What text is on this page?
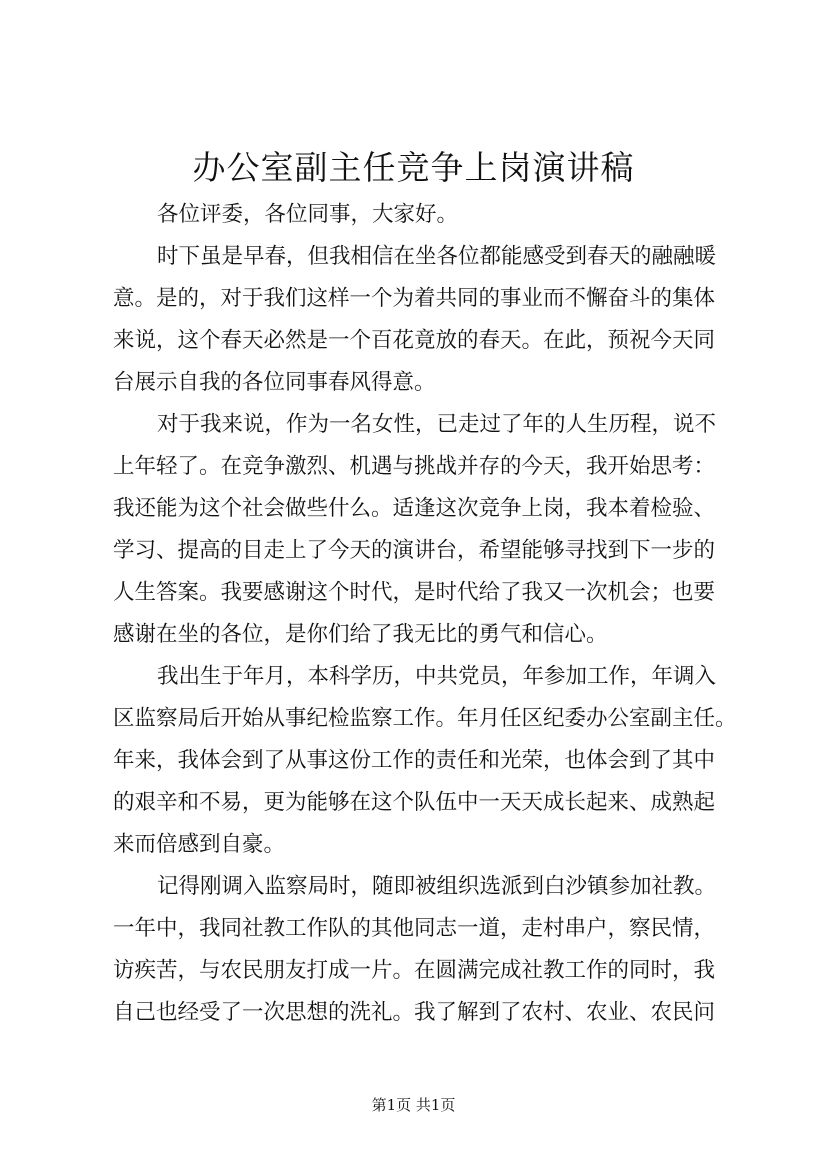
办公室副主任竞争上岗演讲稿
各位评委，各位同事，大家好。
时下虽是早春，但我相信在坐各位都能感受到春天的融融暖
意。是的，对于我们这样一个为着共同的事业而不懈奋斗的集体
来说，这个春天必然是一个百花竟放的春天。在此，预祝今天同
台展示自我的各位同事春风得意。
对于我来说，作为一名女性，已走过了年的人生历程，说不
上年轻了。在竞争激烈、机遇与挑战并存的今天，我开始思考：
我还能为这个社会做些什么。适逢这次竞争上岗，我本着检验、
学习、提高的目走上了今天的演讲台，希望能够寻找到下一步的
人生答案。我要感谢这个时代，是时代给了我又一次机会；也要
感谢在坐的各位，是你们给了我无比的勇气和信心。
我出生于年月，本科学历，中共党员，年参加工作，年调入
区监察局后开始从事纪检监察工作。年月任区纪委办公室副主任。
年来，我体会到了从事这份工作的责任和光荣，也体会到了其中
的艰辛和不易，更为能够在这个队伍中一天天成长起来、成熟起
来而倍感到自豪。
记得刚调入监察局时，随即被组织选派到白沙镇参加社教。
一年中，我同社教工作队的其他同志一道，走村串户，察民情，
访疾苦，与农民朋友打成一片。在圆满完成社教工作的同时，我
自己也经受了一次思想的洗礼。我了解到了农村、农业、农民问
第1页 共1页
